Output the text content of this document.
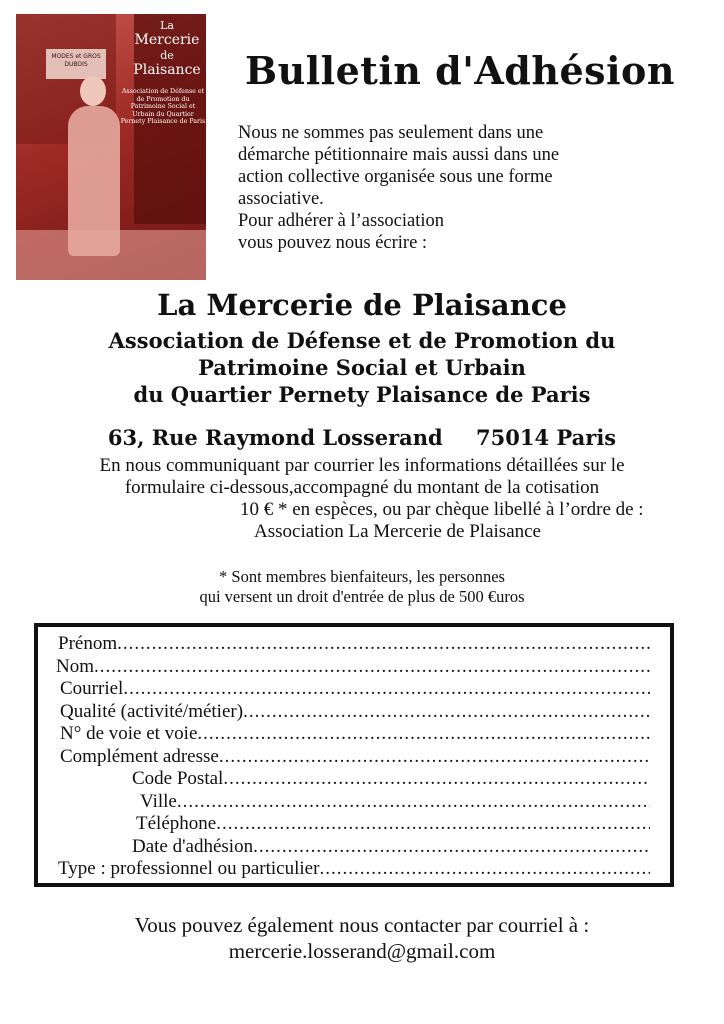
MODES et GROS
DUBOIS
La
Mercerie
de
Plaisance
Association de Défense et de Promotion du Patrimoine Social et Urbain du Quartier Pernety Plaisance de Paris
Bulletin d'Adhésion

Nous ne sommes pas seulement dans une

démarche pétitionnaire mais aussi dans une

action collective organisée sous une forme

associative.

Pour adhérer à l’association

vous pouvez nous écrire :

La Mercerie de Plaisance
Association de Défense et de Promotion du
Patrimoine Social et Urbain
du Quartier Pernety Plaisance de Paris
63, Rue Raymond Losserand 75014 Paris
En nous communiquant par courrier les informations détaillées sur le
formulaire ci-dessous,accompagné du montant de la cotisation
10 € * en espèces, ou par chèque libellé à l’ordre de :
Association La Mercerie de Plaisance
* Sont membres bienfaiteurs, les personnes
qui versent un droit d'entrée de plus de 500 €uros
Prénom
.....
Nom
.....
Courriel
.....
Qualité (activité/métier)
.....
N° de voie et voie
.....
Complément adresse
.....
Code Postal
.....
Ville
.....
Téléphone
.....
Date d'adhésion
.....
Type : professionnel ou particulier
.....
Vous pouvez également nous contacter par courriel à :
mercerie.losserand@gmail.com
